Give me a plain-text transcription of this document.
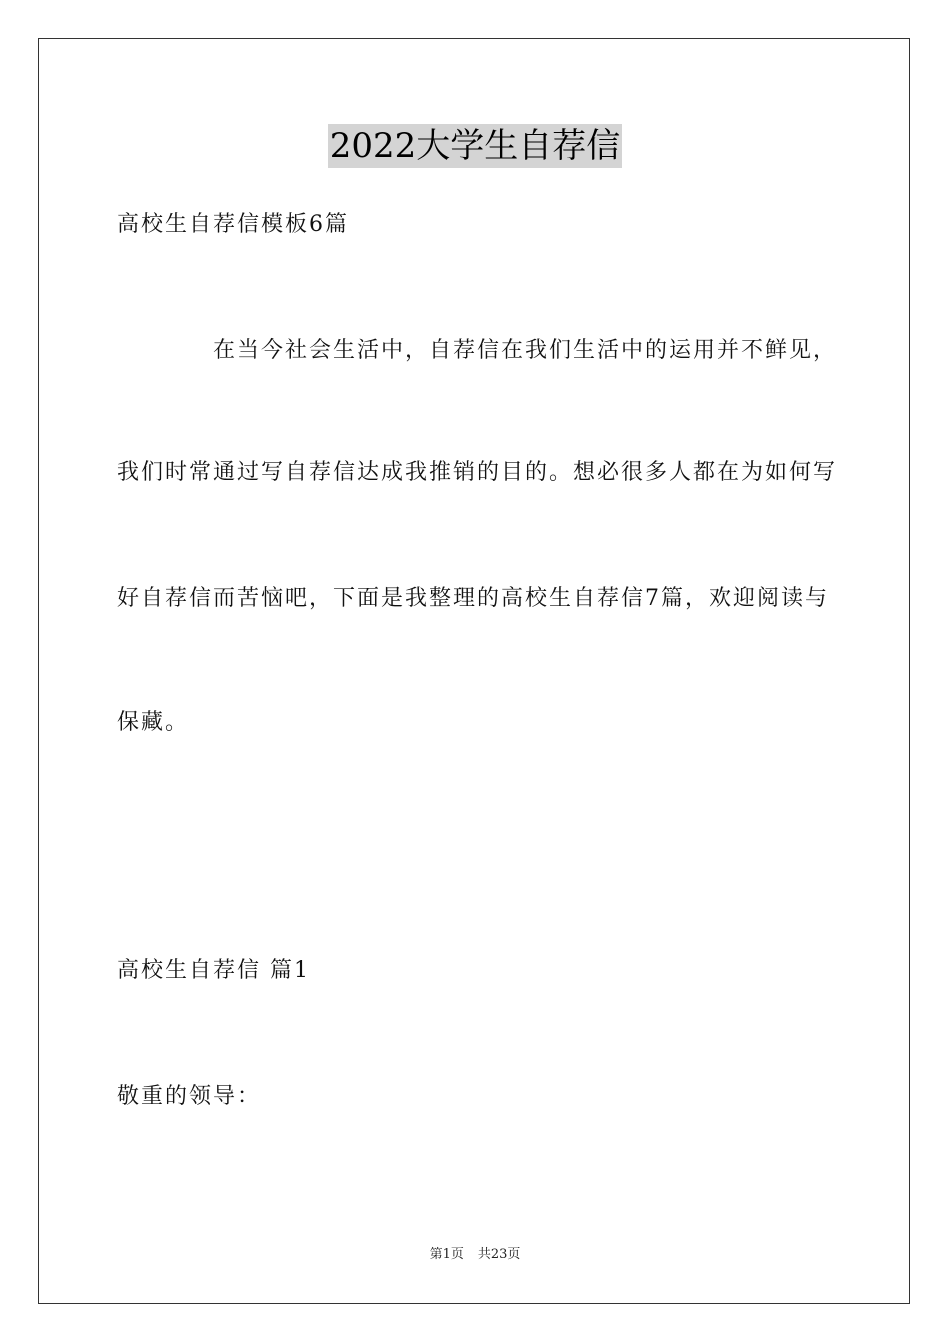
2022大学生自荐信
高校生自荐信模板6篇
在当今社会生活中，自荐信在我们生活中的运用并不鲜见，
我们时常通过写自荐信达成我推销的目的。想必很多人都在为如何写
好自荐信而苦恼吧，下面是我整理的高校生自荐信7篇，欢迎阅读与
保藏。
高校生自荐信 篇1
敬重的领导：
第1页 共23页
